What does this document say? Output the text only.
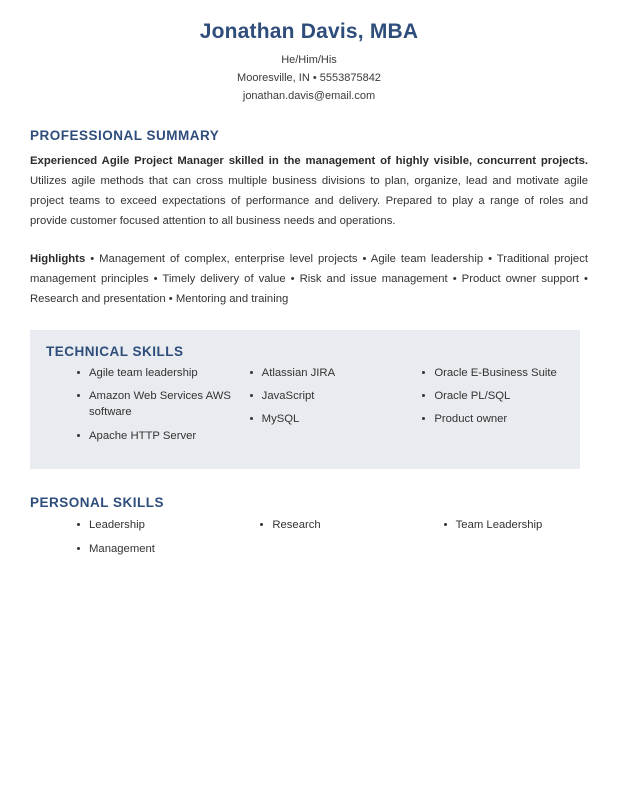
Jonathan Davis, MBA
He/Him/His
Mooresville, IN • 5553875842
jonathan.davis@email.com
PROFESSIONAL SUMMARY

Experienced Agile Project Manager skilled in the management of highly visible, concurrent projects. Utilizes agile methods that can cross multiple business divisions to plan, organize, lead and motivate agile project teams to exceed expectations of performance and delivery. Prepared to play a range of roles and provide customer focused attention to all business needs and operations.

Highlights • Management of complex, enterprise level projects • Agile team leadership • Traditional project management principles • Timely delivery of value • Risk and issue management • Product owner support • Research and presentation • Mentoring and training

TECHNICAL SKILLS
Agile team leadership
Amazon Web Services AWS software
Apache HTTP Server
Atlassian JIRA
JavaScript
MySQL
Oracle E-Business Suite
Oracle PL/SQL
Product owner
PERSONAL SKILLS
Leadership
Management
Research	Team Leadership
